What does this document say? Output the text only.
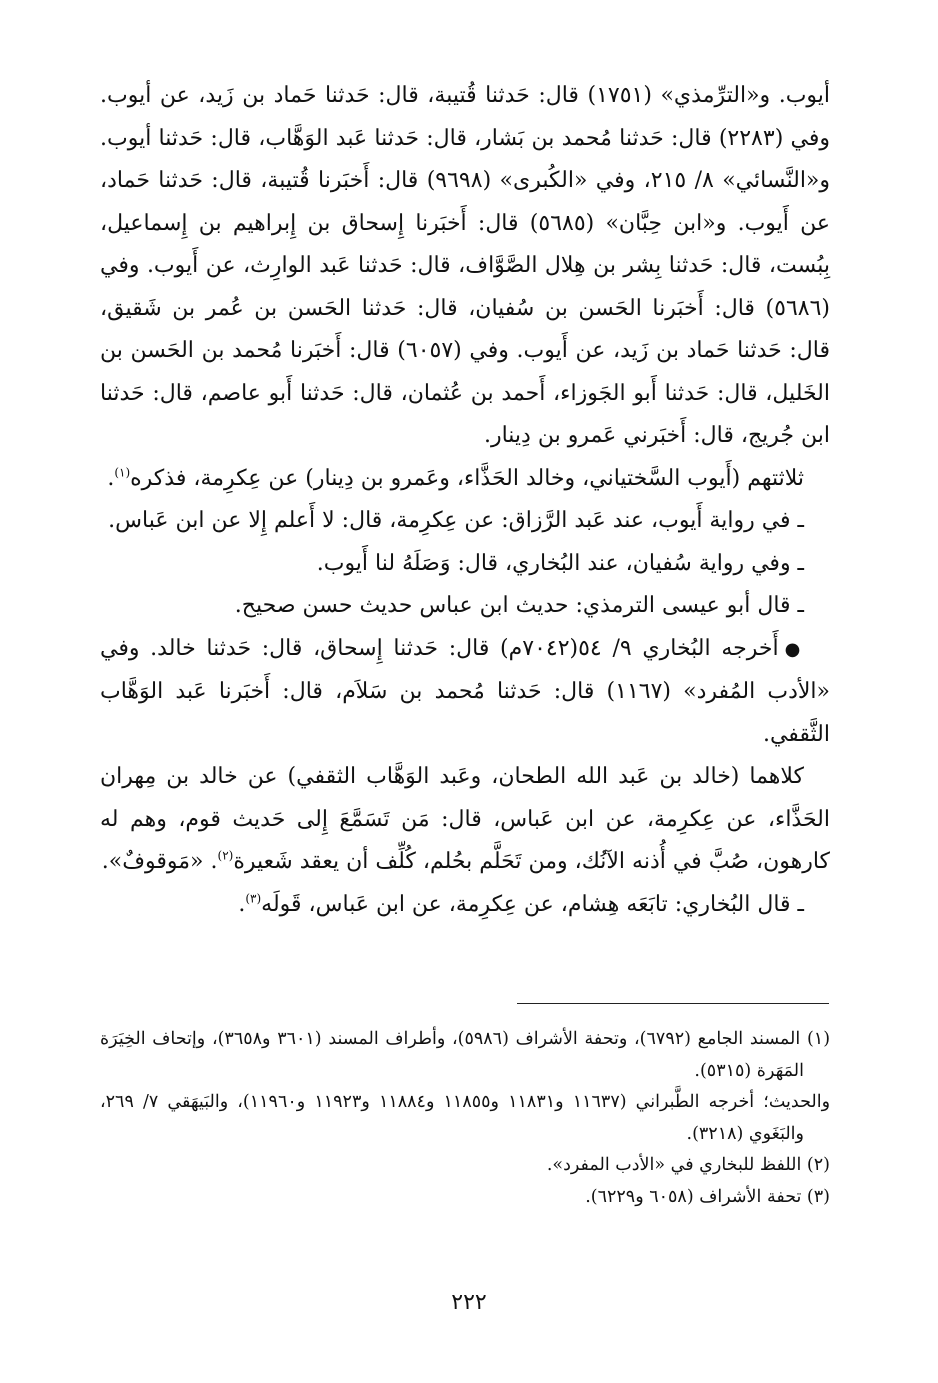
أيوب. و«الترِّمذي» (١٧٥١) قال: حَدثنا قُتيبة، قال: حَدثنا حَماد بن زَيد، عن أيوب. وفي (٢٢٨٣) قال: حَدثنا مُحمد بن بَشار، قال: حَدثنا عَبد الوَهَّاب، قال: حَدثنا أيوب. و«النَّسائي» ٨/ ٢١٥، وفي «الكُبرى» (٩٦٩٨) قال: أَخبَرنا قُتيبة، قال: حَدثنا حَماد، عن أَيوب. و«ابن حِبَّان» (٥٦٨٥) قال: أَخبَرنا إِسحاق بن إِبراهيم بن إِسماعيل، بِبُست، قال: حَدثنا بِشر بن هِلال الصَّوَّاف، قال: حَدثنا عَبد الوارِث، عن أَيوب. وفي (٥٦٨٦) قال: أَخبَرنا الحَسن بن سُفيان، قال: حَدثنا الحَسن بن عُمر بن شَقيق، قال: حَدثنا حَماد بن زَيد، عن أَيوب. وفي (٦٠٥٧) قال: أَخبَرنا مُحمد بن الحَسن بن الخَليل، قال: حَدثنا أَبو الجَوزاء، أَحمد بن عُثمان، قال: حَدثنا أَبو عاصم، قال: حَدثنا ابن جُريج، قال: أَخبَرني عَمرو بن دِينار.

ثلاثتهم (أَيوب السَّختياني، وخالد الحَذَّاء، وعَمرو بن دِينار) عن عِكرِمة، فذكره$^{(١)}$.

ـ في رواية أَيوب، عند عَبد الرَّزاق: عن عِكرِمة، قال: لا أَعلم إِلا عن ابن عَباس.

ـ وفي رواية سُفيان، عند البُخاري، قال: وَصَلَهُ لنا أَيوب.

ـ قال أبو عيسى الترمذي: حديث ابن عباس حديث حسن صحيح.

●أَخرجه البُخاري ٩/ ٥٤(٧٠٤٢م) قال: حَدثنا إِسحاق، قال: حَدثنا خالد. وفي «الأدب المُفرد» (١١٦٧) قال: حَدثنا مُحمد بن سَلاَم، قال: أَخبَرنا عَبد الوَهَّاب الثَّقفي.

كلاهما (خالد بن عَبد الله الطحان، وعَبد الوَهَّاب الثقفي) عن خالد بن مِهران الحَذَّاء، عن عِكرِمة، عن ابن عَباس، قال: مَن تَسَمَّعَ إِلى حَديث قوم، وهم له كارهون، صُبَّ في أُذنه الآنُك، ومن تَحَلَّم بحُلم، كُلِّف أن يعقد شَعيرة$^{(٢)}$. «مَوقوفٌ».

ـ قال البُخاري: تابَعَه هِشام، عن عِكرِمة، عن ابن عَباس، قَولَه$^{(٣)}$.

(١) المسند الجامع (٦٧٩٢)، وتحفة الأشراف (٥٩٨٦)، وأطراف المسند (٣٦٠١ و٣٦٥٨)، وإتحاف الخِيَرَة المَهَرة (٥٣١٥).

والحديث؛ أخرجه الطَّبراني (١١٦٣٧ و١١٨٣١ و١١٨٥٥ و١١٨٨٤ و١١٩٢٣ و١١٩٦٠)، والبَيهَقي ٧/ ٢٦٩، والبَغَوي (٣٢١٨).

(٢) اللفظ للبخاري في «الأدب المفرد».

(٣) تحفة الأشراف (٦٠٥٨ و٦٢٢٩).

٢٢٢
